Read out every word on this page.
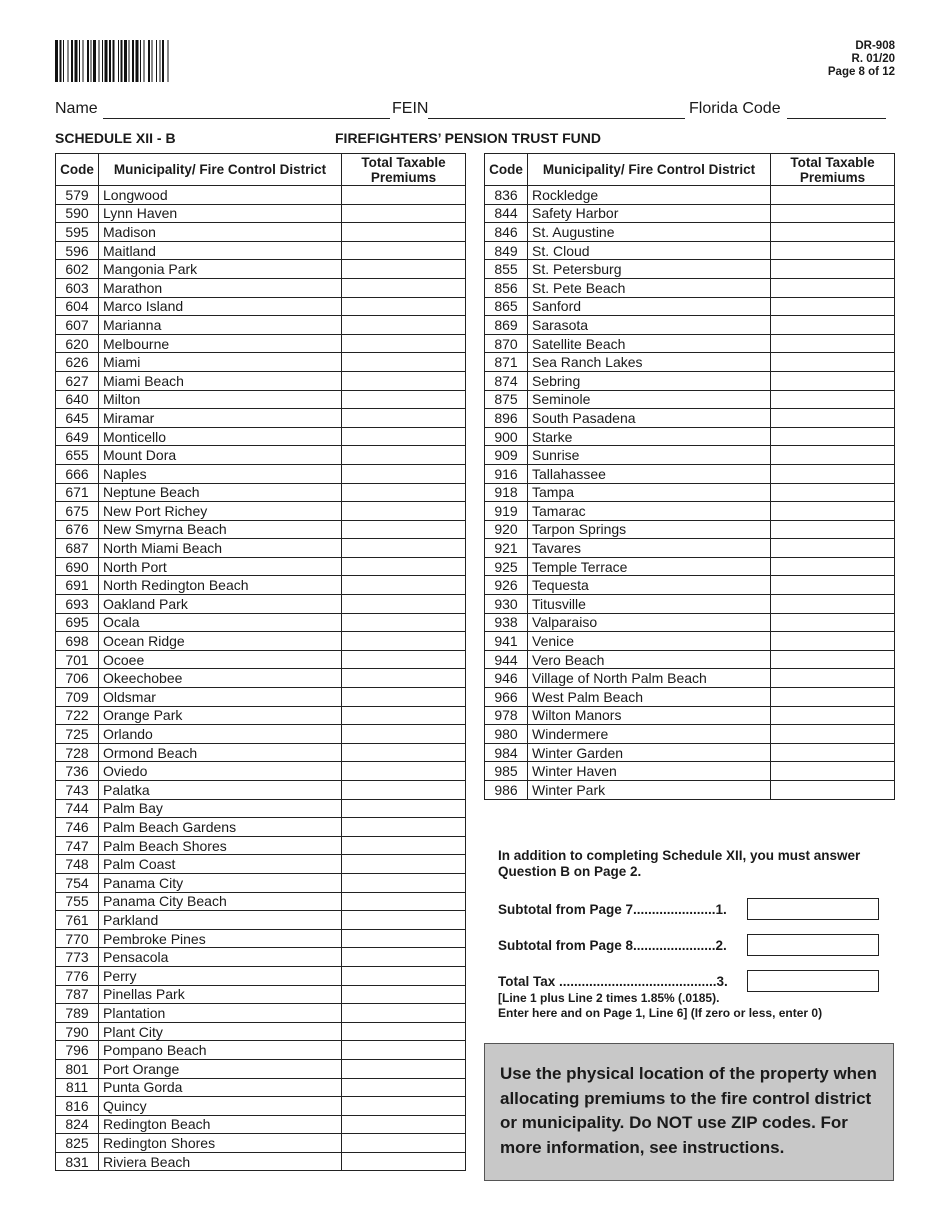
DR-908
R. 01/20
Page 8 of 12
Name	FEIN	Florida Code
SCHEDULE XII - B	FIREFIGHTERS’ PENSION TRUST FUND
Code	Municipality/ Fire Control District	Total Taxable Premiums
579	Longwood	
590	Lynn Haven	
595	Madison	
596	Maitland	
602	Mangonia Park	
603	Marathon	
604	Marco Island	
607	Marianna	
620	Melbourne	
626	Miami	
627	Miami Beach	
640	Milton	
645	Miramar	
649	Monticello	
655	Mount Dora	
666	Naples	
671	Neptune Beach	
675	New Port Richey	
676	New Smyrna Beach	
687	North Miami Beach	
690	North Port	
691	North Redington Beach	
693	Oakland Park	
695	Ocala	
698	Ocean Ridge	
701	Ocoee	
706	Okeechobee	
709	Oldsmar	
722	Orange Park	
725	Orlando	
728	Ormond Beach	
736	Oviedo	
743	Palatka	
744	Palm Bay	
746	Palm Beach Gardens	
747	Palm Beach Shores	
748	Palm Coast	
754	Panama City	
755	Panama City Beach	
761	Parkland	
770	Pembroke Pines	
773	Pensacola	
776	Perry	
787	Pinellas Park	
789	Plantation	
790	Plant City	
796	Pompano Beach	
801	Port Orange	
811	Punta Gorda	
816	Quincy	
824	Redington Beach	
825	Redington Shores	
831	Riviera Beach	
Code	Municipality/ Fire Control District	Total Taxable Premiums
836	Rockledge	
844	Safety Harbor	
846	St. Augustine	
849	St. Cloud	
855	St. Petersburg	
856	St. Pete Beach	
865	Sanford	
869	Sarasota	
870	Satellite Beach	
871	Sea Ranch Lakes	
874	Sebring	
875	Seminole	
896	South Pasadena	
900	Starke	
909	Sunrise	
916	Tallahassee	
918	Tampa	
919	Tamarac	
920	Tarpon Springs	
921	Tavares	
925	Temple Terrace	
926	Tequesta	
930	Titusville	
938	Valparaiso	
941	Venice	
944	Vero Beach	
946	Village of North Palm Beach	
966	West Palm Beach	
978	Wilton Manors	
980	Windermere	
984	Winter Garden	
985	Winter Haven	
986	Winter Park	
In addition to completing Schedule XII, you must answer Question B on Page 2.
Subtotal from Page 7......................1.
Subtotal from Page 8......................2.
Total Tax ..........................................3.
[Line 1 plus Line 2 times 1.85% (.0185).
Enter here and on Page 1, Line 6] (If zero or less, enter 0)
Use the physical location of the property when allocating premiums to the fire control district or municipality. Do NOT use ZIP codes. For more information, see instructions.
